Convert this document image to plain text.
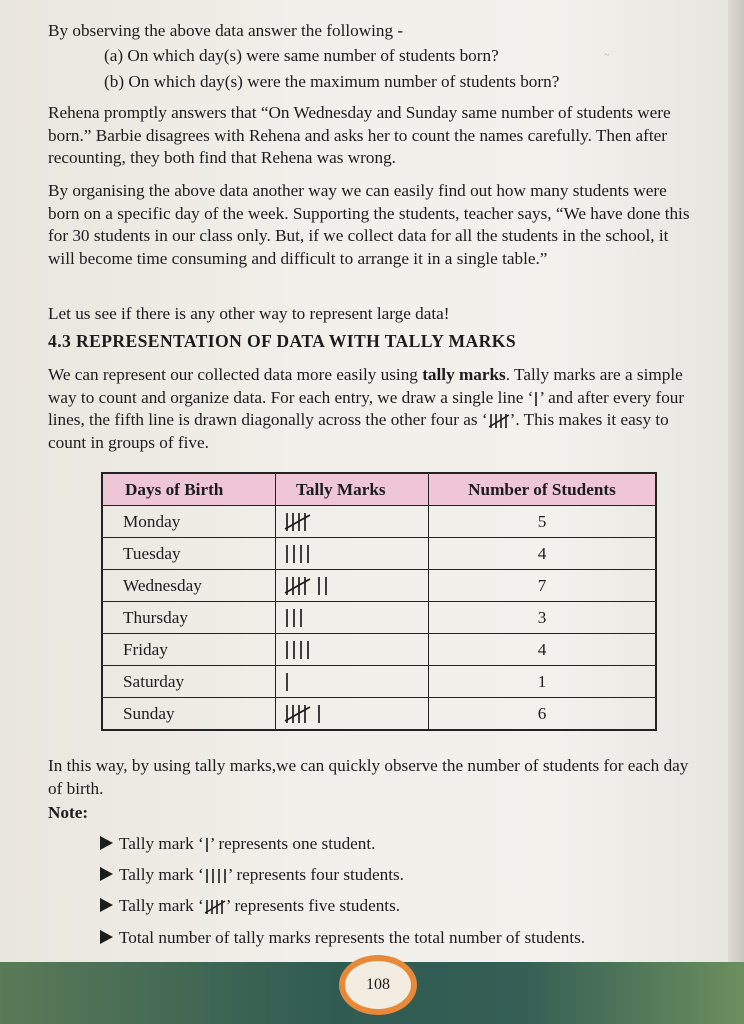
By observing the above data answer the following -

(a) On which day(s) were same number of students born?

(b) On which day(s) were the maximum number of students born?

~

Rehena promptly answers that “On Wednesday and Sunday same number of students were born.” Barbie disagrees with Rehena and asks her to count the names carefully. Then after recounting, they both find that Rehena was wrong.

By organising the above data another way we can easily find out how many students were born on a specific day of the week. Supporting the students, teacher says, “We have done this for 30 students in our class only. But, if we collect data for all the students in the school, it will become time consuming and difficult to arrange it in a single table.”

Let us see if there is any other way to represent large data!

4.3 REPRESENTATION OF DATA WITH TALLY MARKS

We can represent our collected data more easily using tally marks. Tally marks are a simple way to count and organize data. For each entry, we draw a single line ‘ ’ and after every four lines, the fifth line is drawn diagonally across the other four as ‘ ’. This makes it easy to count in groups of five.

Days of Birth	Tally Marks	Number of Students
Monday		5
Tuesday		4
Wednesday		7
Thursday		3
Friday		4
Saturday		1
Sunday		6

In this way, by using tally marks,we can quickly observe the number of students for each day of birth.

Note:

Tally mark ‘ ’ represents one student.

Tally mark ‘ ’ represents four students.

Tally mark ‘ ’ represents five students.

Total number of tally marks represents the total number of students.

108
